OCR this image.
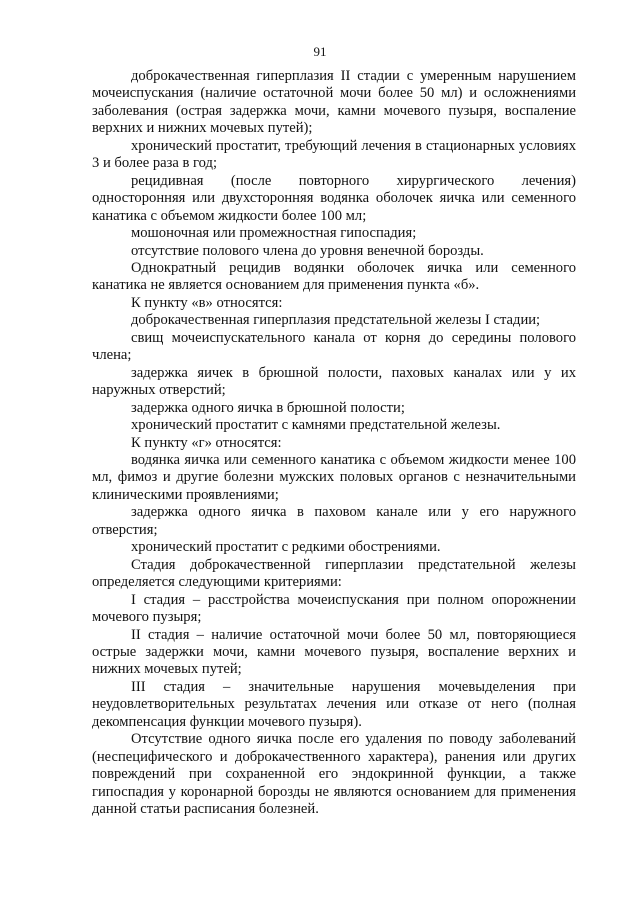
91

доброкачественная гиперплазия II стадии с умеренным нарушением мочеиспускания (наличие остаточной мочи более 50 мл) и осложнениями заболевания (острая задержка мочи, камни мочевого пузыря, воспаление верхних и нижних мочевых путей);

хронический простатит, требующий лечения в стационарных условиях 3 и более раза в год;

рецидивная (после повторного хирургического лечения) односторонняя или двухсторонняя водянка оболочек яичка или семенного канатика с объемом жидкости более 100 мл;

мошоночная или промежностная гипоспадия;

отсутствие полового члена до уровня венечной борозды.

Однократный рецидив водянки оболочек яичка или семенного канатика не является основанием для применения пункта «б».

К пункту «в» относятся:

доброкачественная гиперплазия предстательной железы I стадии;

свищ мочеиспускательного канала от корня до середины полового члена;

задержка яичек в брюшной полости, паховых каналах или у их наружных отверстий;

задержка одного яичка в брюшной полости;

хронический простатит с камнями предстательной железы.

К пункту «г» относятся:

водянка яичка или семенного канатика с объемом жидкости менее 100 мл, фимоз и другие болезни мужских половых органов с незначительными клиническими проявлениями;

задержка одного яичка в паховом канале или у его наружного отверстия;

хронический простатит с редкими обострениями.

Стадия доброкачественной гиперплазии предстательной железы определяется следующими критериями:

I стадия – расстройства мочеиспускания при полном опорожнении мочевого пузыря;

II стадия – наличие остаточной мочи более 50 мл, повторяющиеся острые задержки мочи, камни мочевого пузыря, воспаление верхних и нижних мочевых путей;

III стадия – значительные нарушения мочевыделения при неудовлетворительных результатах лечения или отказе от него (полная декомпенсация функции мочевого пузыря).

Отсутствие одного яичка после его удаления по поводу заболеваний (неспецифического и доброкачественного характера), ранения или других повреждений при сохраненной его эндокринной функции, а также гипоспадия у коронарной борозды не являются основанием для применения данной статьи расписания болезней.
